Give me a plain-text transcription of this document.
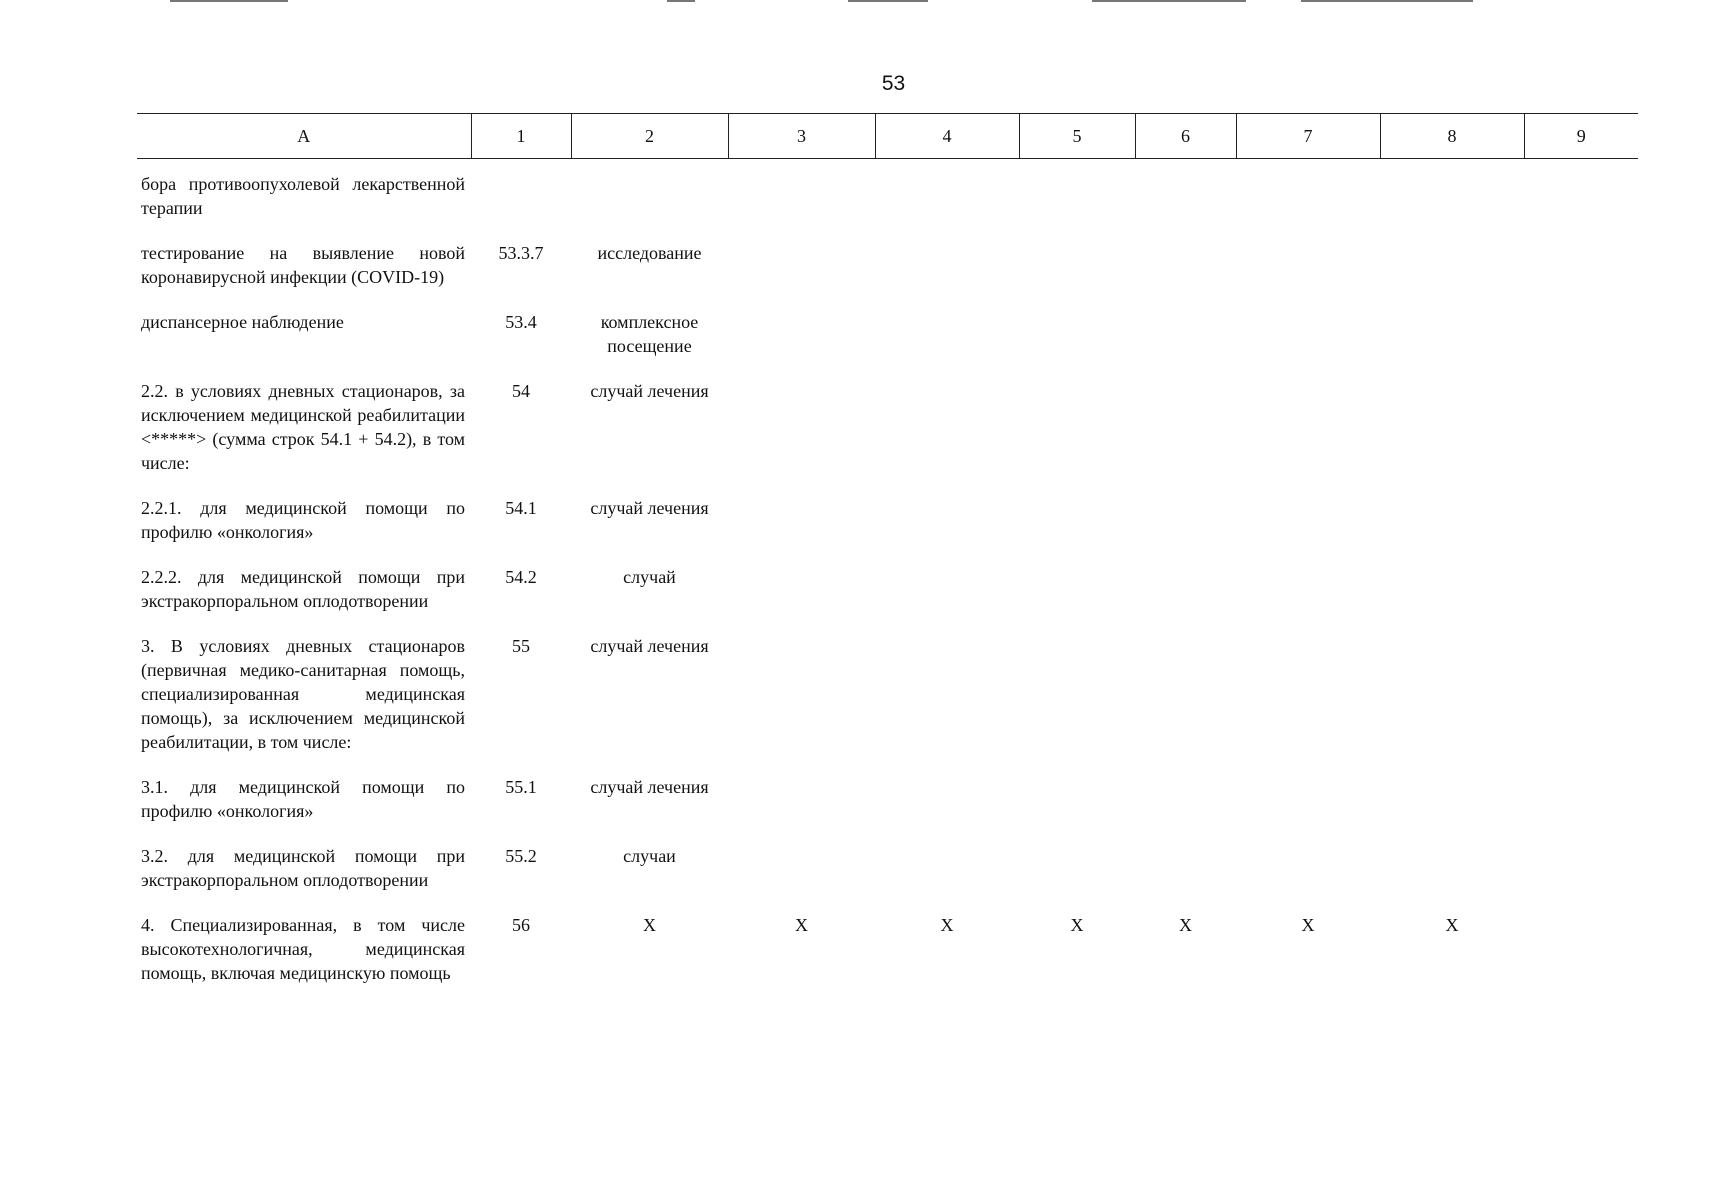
53
А	1	2	3	4	5	6	7	8	9
бора противоопухолевой лекарственной терапии									
тестирование на выявление новой коронавирусной инфекции (COVID-19)	53.3.7	исследование							
диспансерное наблюдение	53.4	комплексное посещение							
2.2. в условиях дневных стационаров, за исключением медицинской реабилитации <*****> (сумма строк 54.1 + 54.2), в том числе:	54	случай лечения							
2.2.1. для медицинской помощи по профилю «онкология»	54.1	случай лечения							
2.2.2. для медицинской помощи при экстракорпоральном оплодотворении	54.2	случай							
3. В условиях дневных стационаров (первичная медико-санитарная помощь, специализированная медицинская помощь), за исключением медицинской реабилитации, в том числе:	55	случай лечения							
3.1. для медицинской помощи по профилю «онкология»	55.1	случай лечения							
3.2. для медицинской помощи при экстракорпоральном оплодотворении	55.2	случаи							
4. Специализированная, в том числе высокотехнологичная, медицинская помощь, включая медицинскую помощь	56	Х	Х	Х	Х	Х	Х	Х	
